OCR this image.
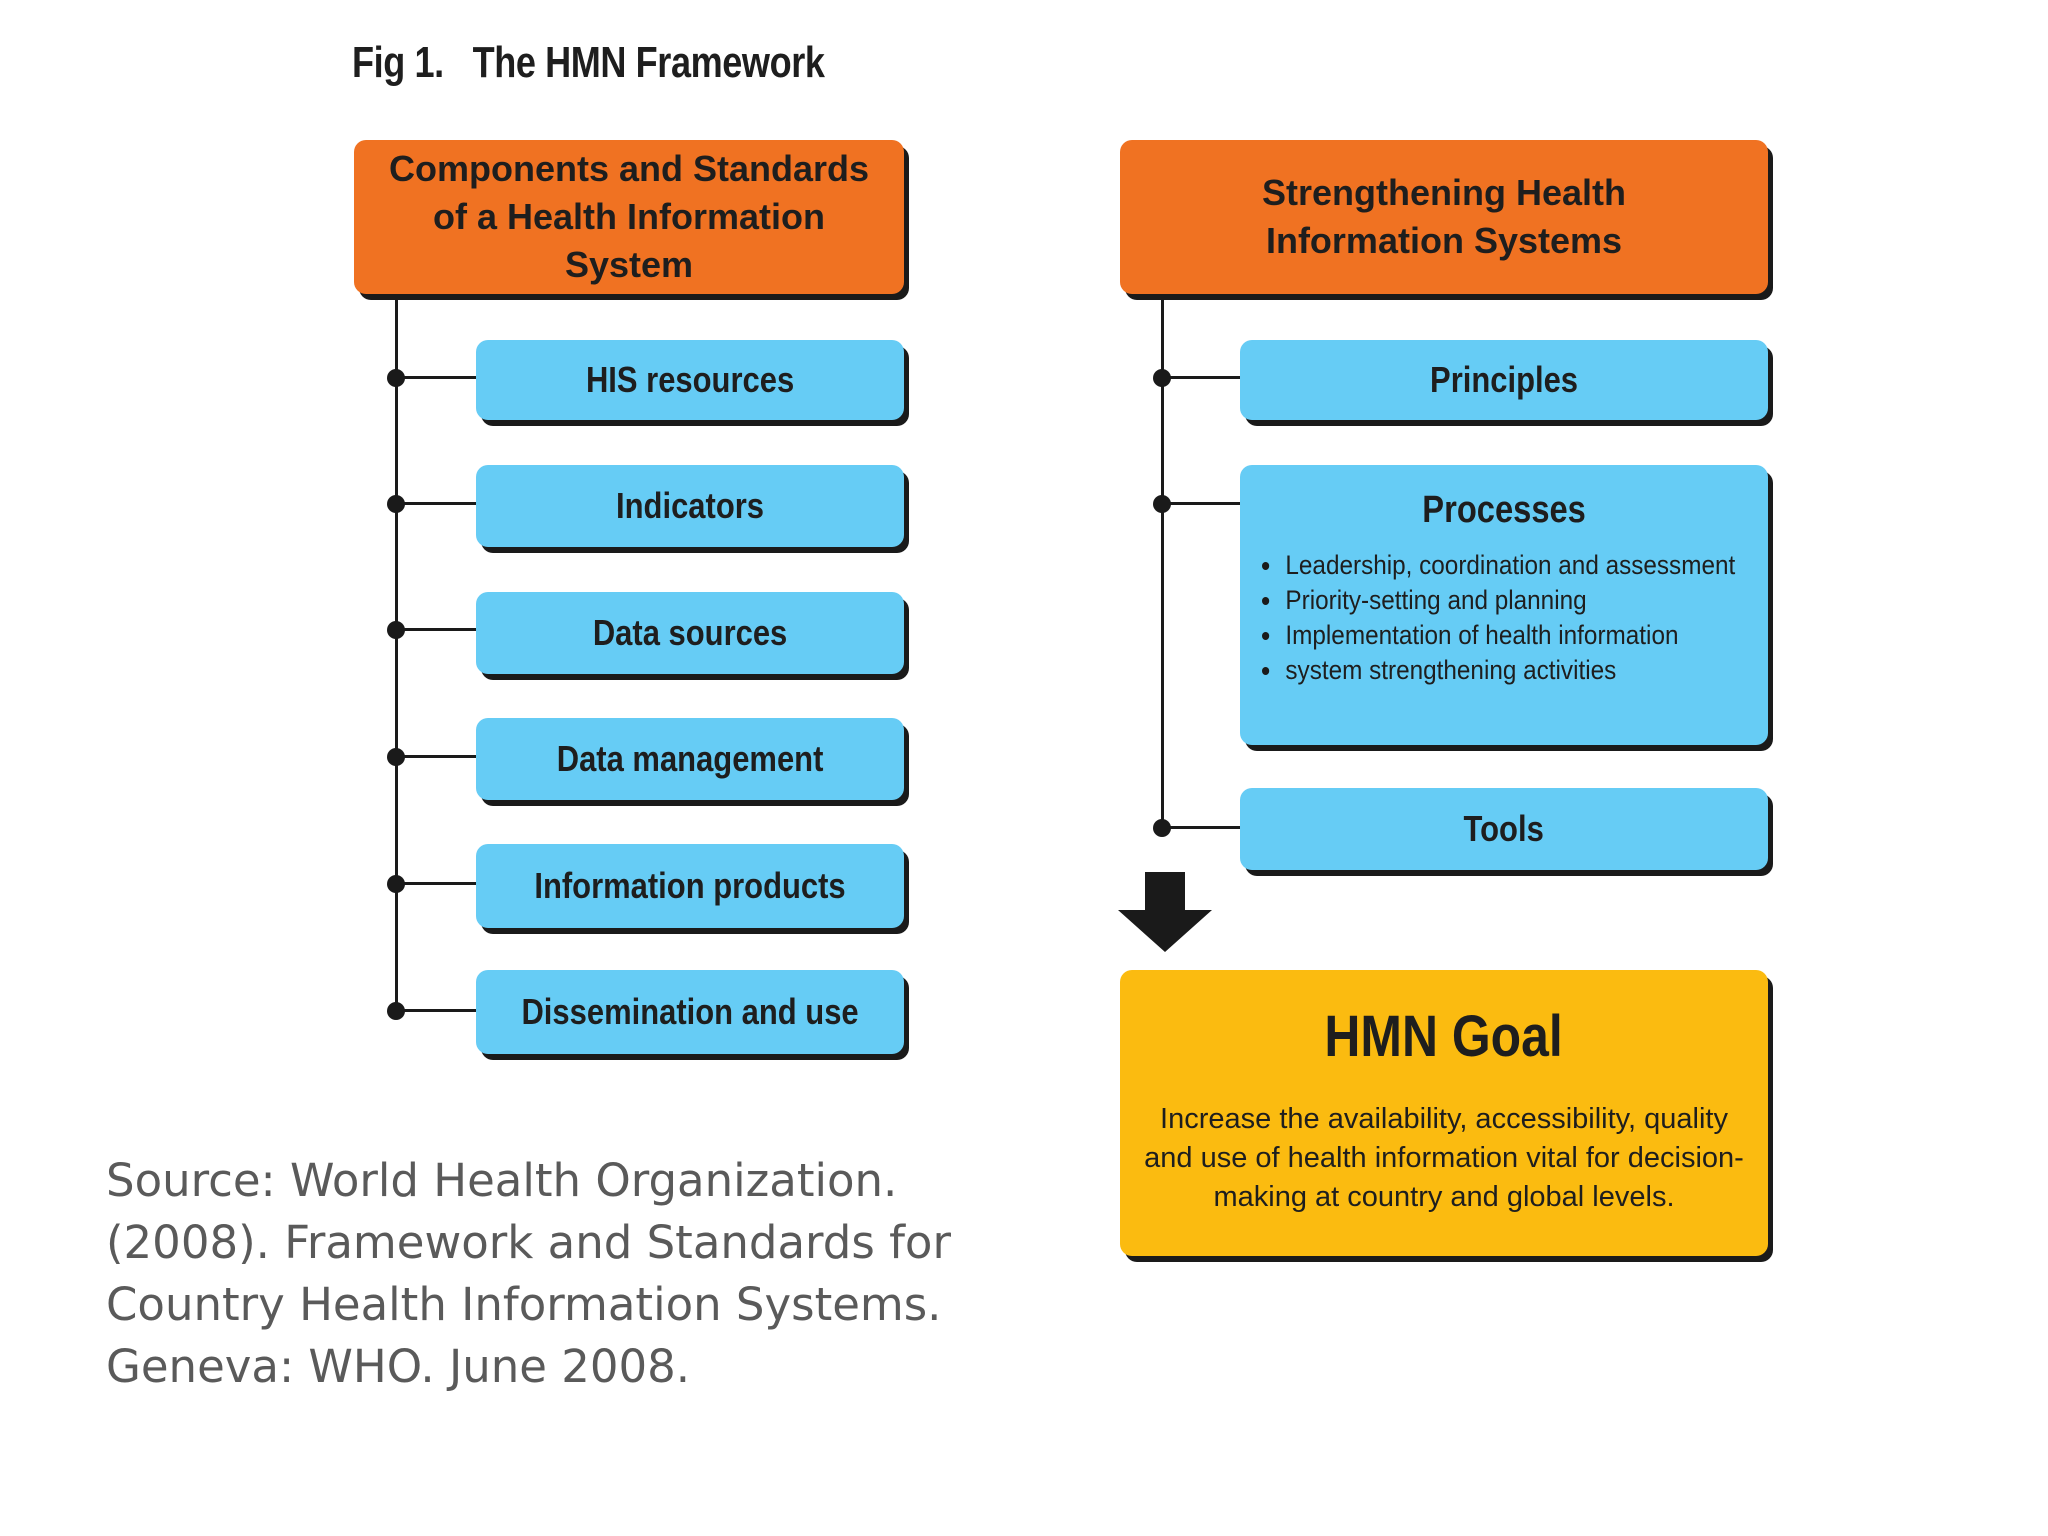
Fig 1.   The HMN Framework
Components and Standards of a Health Information System
HIS resources
Indicators
Data sources
Data management
Information products
Dissemination and use
Strengthening Health Information Systems
Principles
Processes
Leadership, coordination and assessment
Priority-setting and planning
Implementation of health information
system strengthening activities
Tools
HMN Goal
Increase the availability, accessibility, quality and use of health information vital for decision-making at country and global levels.
Source: World Health Organization. (2008). Framework and Standards for Country Health Information Systems. Geneva: WHO. June 2008.
